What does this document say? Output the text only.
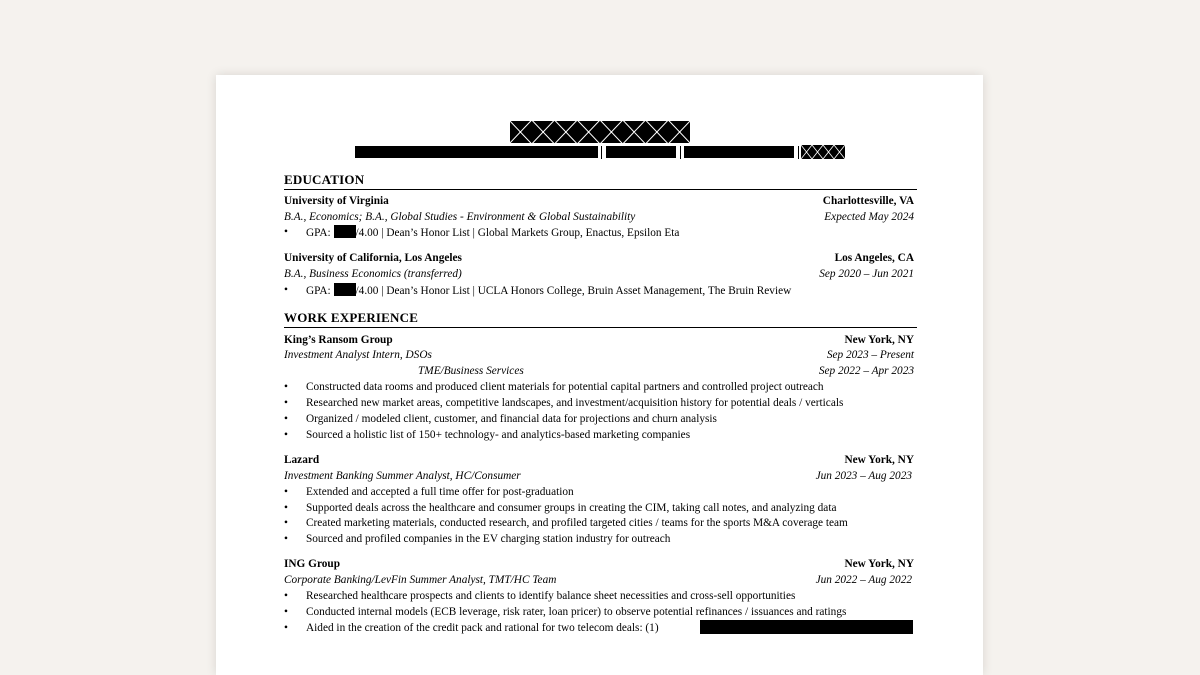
EDUCATION
University of Virginia	Charlottesville, VA
B.A., Economics; B.A., Global Studies - Environment & Global Sustainability	Expected May 2024
• GPA: /4.00 | Dean’s Honor List | Global Markets Group, Enactus, Epsilon Eta
University of California, Los Angeles	Los Angeles, CA
B.A., Business Economics (transferred)	Sep 2020 – Jun 2021
• GPA: /4.00 | Dean’s Honor List | UCLA Honors College, Bruin Asset Management, The Bruin Review
WORK EXPERIENCE
King’s Ransom Group	New York, NY
Investment Analyst Intern, DSOs	Sep 2023 – Present
TME/Business Services	Sep 2022 – Apr 2023
• Constructed data rooms and produced client materials for potential capital partners and controlled project outreach
• Researched new market areas, competitive landscapes, and investment/acquisition history for potential deals / verticals
• Organized / modeled client, customer, and financial data for projections and churn analysis
• Sourced a holistic list of 150+ technology- and analytics-based marketing companies
Lazard	New York, NY
Investment Banking Summer Analyst, HC/Consumer	Jun 2023 – Aug 2023
• Extended and accepted a full time offer for post-graduation
• Supported deals across the healthcare and consumer groups in creating the CIM, taking call notes, and analyzing data
• Created marketing materials, conducted research, and profiled targeted cities / teams for the sports M&A coverage team
• Sourced and profiled companies in the EV charging station industry for outreach
ING Group	New York, NY
Corporate Banking/LevFin Summer Analyst, TMT/HC Team	Jun 2022 – Aug 2022
• Researched healthcare prospects and clients to identify balance sheet necessities and cross-sell opportunities
• Conducted internal models (ECB leverage, risk rater, loan pricer) to observe potential refinances / issuances and ratings
• Aided in the creation of the credit pack and rational for two telecom deals: (1)
